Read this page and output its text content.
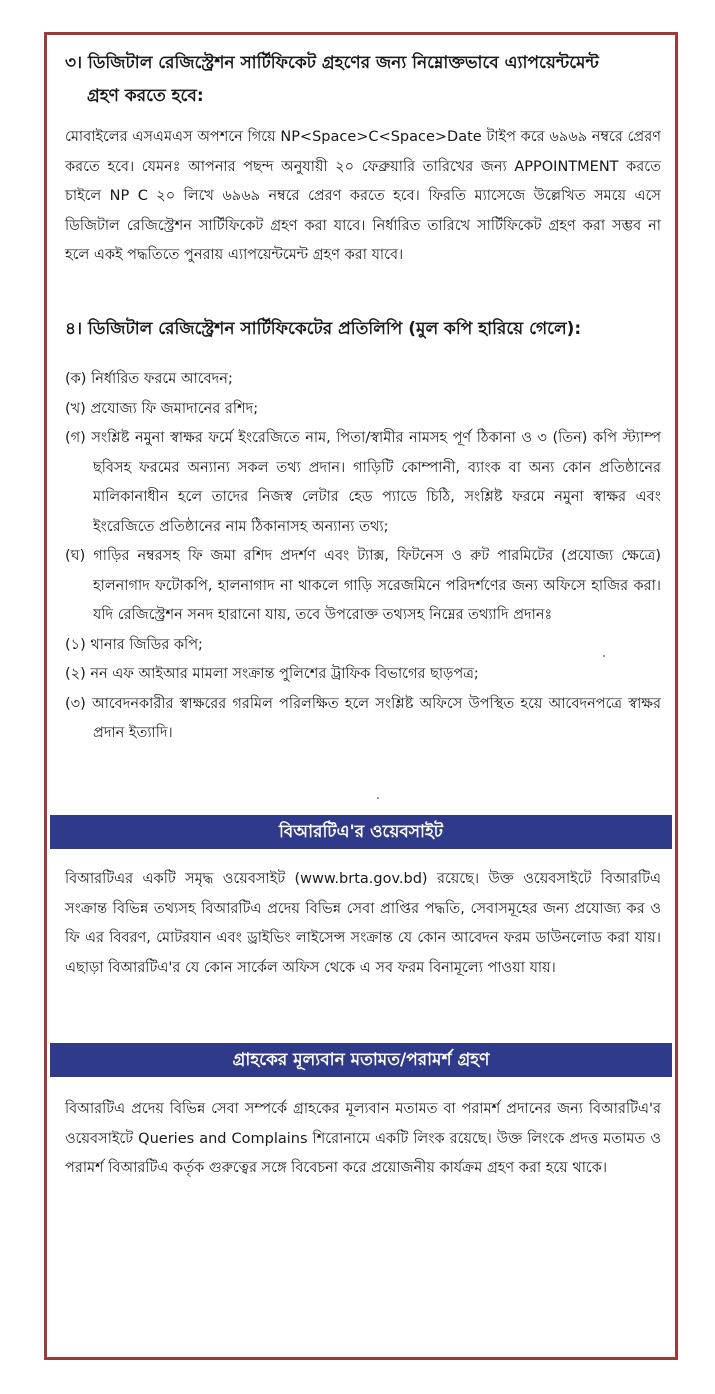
৩। ডিজিটাল রেজিস্ট্রেশন সার্টিফিকেট গ্রহণের জন্য নিম্নোক্তভাবে এ্যাপয়েন্টমেন্ট
গ্রহণ করতে হবে:
মোবাইলের এসএমএস অপশনে গিয়ে NP<Space>C<Space>Date টাইপ করে ৬৯৬৯ নম্বরে প্রেরণ করতে হবে। যেমনঃ আপনার পছন্দ অনুযায়ী ২০ ফেব্রুয়ারি তারিখের জন্য APPOINTMENT করতে চাইলে NP C ২০ লিখে ৬৯৬৯ নম্বরে প্রেরণ করতে হবে। ফিরতি ম্যাসেজে উল্লেখিত সময়ে এসে ডিজিটাল রেজিস্ট্রেশন সার্টিফিকেট গ্রহণ করা যাবে। নির্ধারিত তারিখে সার্টিফিকেট গ্রহণ করা সম্ভব না হলে একই পদ্ধতিতে পুনরায় এ্যাপয়েন্টমেন্ট গ্রহণ করা যাবে।
৪। ডিজিটাল রেজিস্ট্রেশন সার্টিফিকেটের প্রতিলিপি (মুল কপি হারিয়ে গেলে):
(ক) নির্ধারিত ফরমে আবেদন;
(খ) প্রযোজ্য ফি জমাদানের রশিদ;
(গ) সংশ্লিষ্ট নমুনা স্বাক্ষর ফর্মে ইংরেজিতে নাম, পিতা/স্বামীর নামসহ পূর্ণ ঠিকানা ও ৩ (তিন) কপি স্ট্যাম্প ছবিসহ ফরমের অন্যান্য সকল তথ্য প্রদান। গাড়িটি কোম্পানী, ব্যাংক বা অন্য কোন প্রতিষ্ঠানের মালিকানাধীন হলে তাদের নিজস্ব লেটার হেড প্যাডে চিঠি, সংশ্লিষ্ট ফরমে নমুনা স্বাক্ষর এবং ইংরেজিতে প্রতিষ্ঠানের নাম ঠিকানাসহ অন্যান্য তথ্য;
(ঘ) গাড়ির নম্বরসহ ফি জমা রশিদ প্রদর্শণ এবং ট্যাক্স, ফিটনেস ও রুট পারমিটের (প্রযোজ্য ক্ষেত্রে) হালনাগাদ ফটোকপি, হালনাগাদ না থাকলে গাড়ি সরেজমিনে পরিদর্শণের জন্য অফিসে হাজির করা। যদি রেজিস্ট্রেশন সনদ হারানো যায়, তবে উপরোক্ত তথ্যসহ নিম্নের তথ্যাদি প্রদানঃ
(১) থানার জিডির কপি;
(২) নন এফ আইআর মামলা সংক্রান্ত পুলিশের ট্রাফিক বিভাগের ছাড়পত্র;
(৩) আবেদনকারীর স্বাক্ষরের গরমিল পরিলক্ষিত হলে সংশ্লিষ্ট অফিসে উপস্থিত হয়ে আবেদনপত্রে স্বাক্ষর প্রদান ইত্যাদি।
বিআরটিএ'র ওয়েবসাইট
বিআরটিএর একটি সমৃদ্ধ ওয়েবসাইট (www.brta.gov.bd) রয়েছে। উক্ত ওয়েবসাইটে বিআরটিএ সংক্রান্ত বিভিন্ন তথ্যসহ বিআরটিএ প্রদেয় বিভিন্ন সেবা প্রাপ্তির পদ্ধতি, সেবাসমূহের জন্য প্রযোজ্য কর ও ফি এর বিবরণ, মোটরযান এবং ড্রাইভিং লাইসেন্স সংক্রান্ত যে কোন আবেদন ফরম ডাউনলোড করা যায়। এছাড়া বিআরটিএ'র যে কোন সার্কেল অফিস থেকে এ সব ফরম বিনামূল্যে পাওয়া যায়।
গ্রাহকের মূল্যবান মতামত/পরামর্শ গ্রহণ
বিআরটিএ প্রদেয় বিভিন্ন সেবা সম্পর্কে গ্রাহকের মূল্যবান মতামত বা পরামর্শ প্রদানের জন্য বিআরটিএ'র ওয়েবসাইটে Queries and Complains শিরোনামে একটি লিংক রয়েছে। উক্ত লিংকে প্রদত্ত মতামত ও পরামর্শ বিআরটিএ কর্তৃক গুরুত্বের সঙ্গে বিবেচনা করে প্রয়োজনীয় কার্যক্রম গ্রহণ করা হয়ে থাকে।
